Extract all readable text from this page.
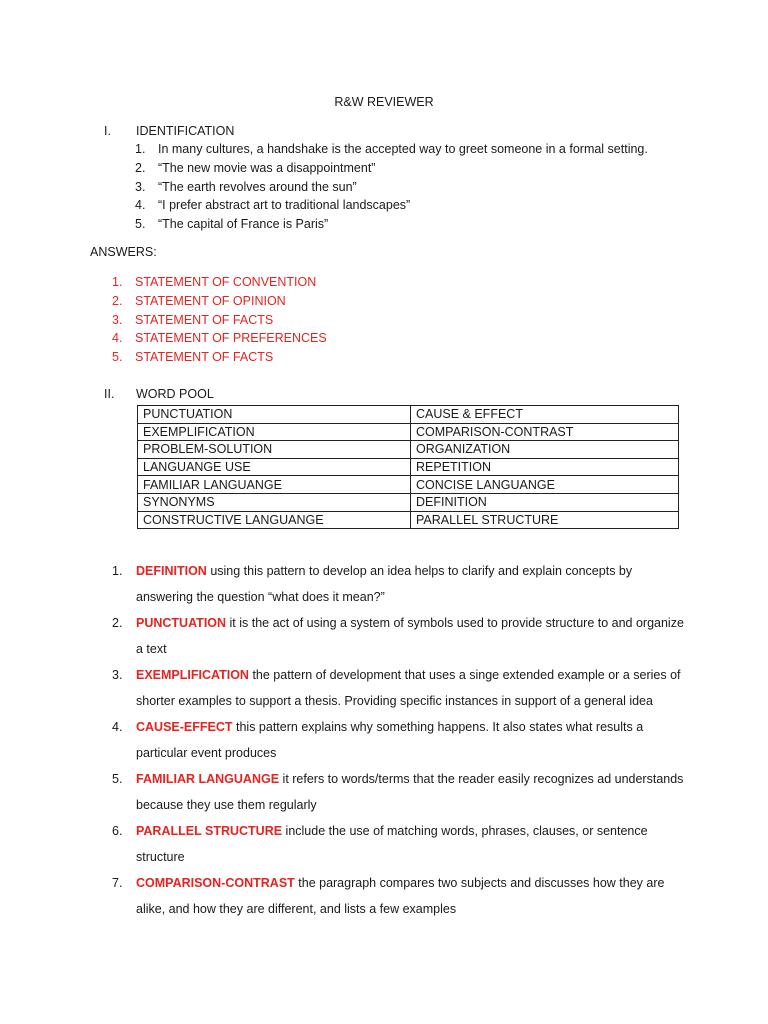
R&W REVIEWER
I. IDENTIFICATION
1.	In many cultures, a handshake is the accepted way to greet someone in a formal setting.
2.	“The new movie was a disappointment”
3.	“The earth revolves around the sun”
4.	“I prefer abstract art to traditional landscapes”
5.	“The capital of France is Paris”
ANSWERS:
1.	STATEMENT OF CONVENTION
2.	STATEMENT OF OPINION
3.	STATEMENT OF FACTS
4.	STATEMENT OF PREFERENCES
5.	STATEMENT OF FACTS
II. WORD POOL
PUNCTUATION	CAUSE & EFFECT
EXEMPLIFICATION	COMPARISON-CONTRAST
PROBLEM-SOLUTION	ORGANIZATION
LANGUANGE USE	REPETITION
FAMILIAR LANGUANGE	CONCISE LANGUANGE
SYNONYMS	DEFINITION
CONSTRUCTIVE LANGUANGE	PARALLEL STRUCTURE
1.	DEFINITION using this pattern to develop an idea helps to clarify and explain concepts by answering the question “what does it mean?”
2.	PUNCTUATION it is the act of using a system of symbols used to provide structure to and organize a text
3.	EXEMPLIFICATION the pattern of development that uses a singe extended example or a series of shorter examples to support a thesis. Providing specific instances in support of a general idea
4.	CAUSE-EFFECT this pattern explains why something happens. It also states what results a particular event produces
5.	FAMILIAR LANGUANGE it refers to words/terms that the reader easily recognizes ad understands because they use them regularly
6.	PARALLEL STRUCTURE include the use of matching words, phrases, clauses, or sentence structure
7.	COMPARISON-CONTRAST the paragraph compares two subjects and discusses how they are alike, and how they are different, and lists a few examples
